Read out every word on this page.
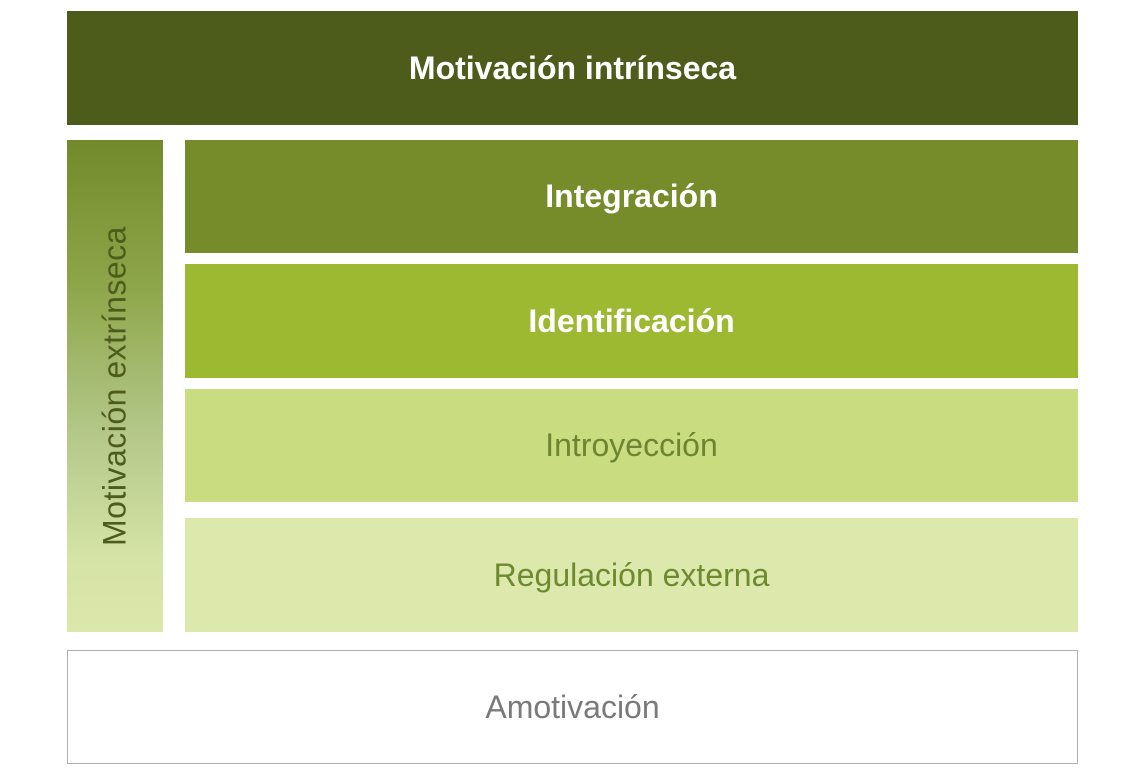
Motivación intrínseca
Motivación extrínseca
Integración
Identificación
Introyección
Regulación externa
Amotivación
